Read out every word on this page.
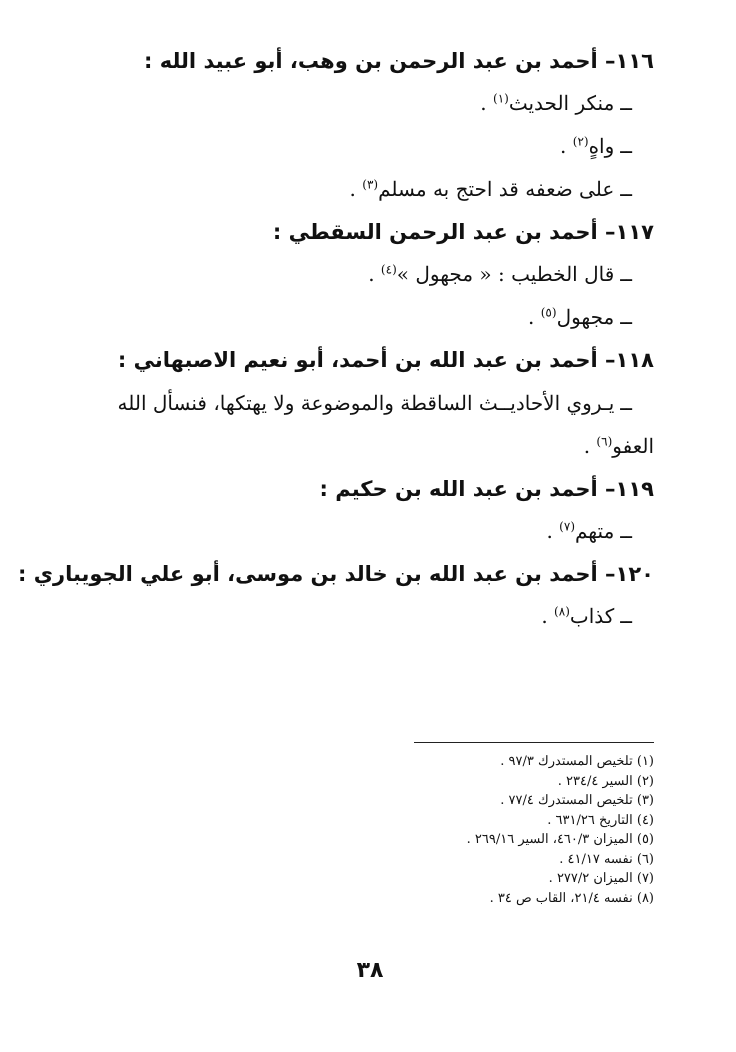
١١٦– أحمد بن عبد الرحمن بن وهب، أبو عبيد الله :
ــمنكر الحديث$^{(١)}$ .
ــواهٍ$^{(٢)}$ .
ــعلى ضعفه قد احتج به مسلم$^{(٣)}$ .
١١٧– أحمد بن عبد الرحمن السقطي :
ــقال الخطيب : « مجهول »$^{(٤)}$ .
ــمجهول$^{(٥)}$ .
١١٨– أحمد بن عبد الله بن أحمد، أبو نعيم الاصبهاني :
ــيـروي الأحاديــث الساقطة والموضوعة ولا يهتكها، فنسأل الله
العفو$^{(٦)}$ .
١١٩– أحمد بن عبد الله بن حكيم :
ــمتهم$^{(٧)}$ .
١٢٠– أحمد بن عبد الله بن خالد بن موسى، أبو علي الجويباري :
ــكذاب$^{(٨)}$ .
(١) تلخيص المستدرك ٩٧/٣ .
(٢) السير ٢٣٤/٤ .
(٣) تلخيص المستدرك ٧٧/٤ .
(٤) التاريخ ٦٣١/٢٦ .
(٥) الميزان ٤٦٠/٣، السير ٢٦٩/١٦ .
(٦) نفسه ٤١/١٧ .
(٧) الميزان ٢٧٧/٢ .
(٨) نفسه ٢١/٤، القاب ص ٣٤ .
٣٨
